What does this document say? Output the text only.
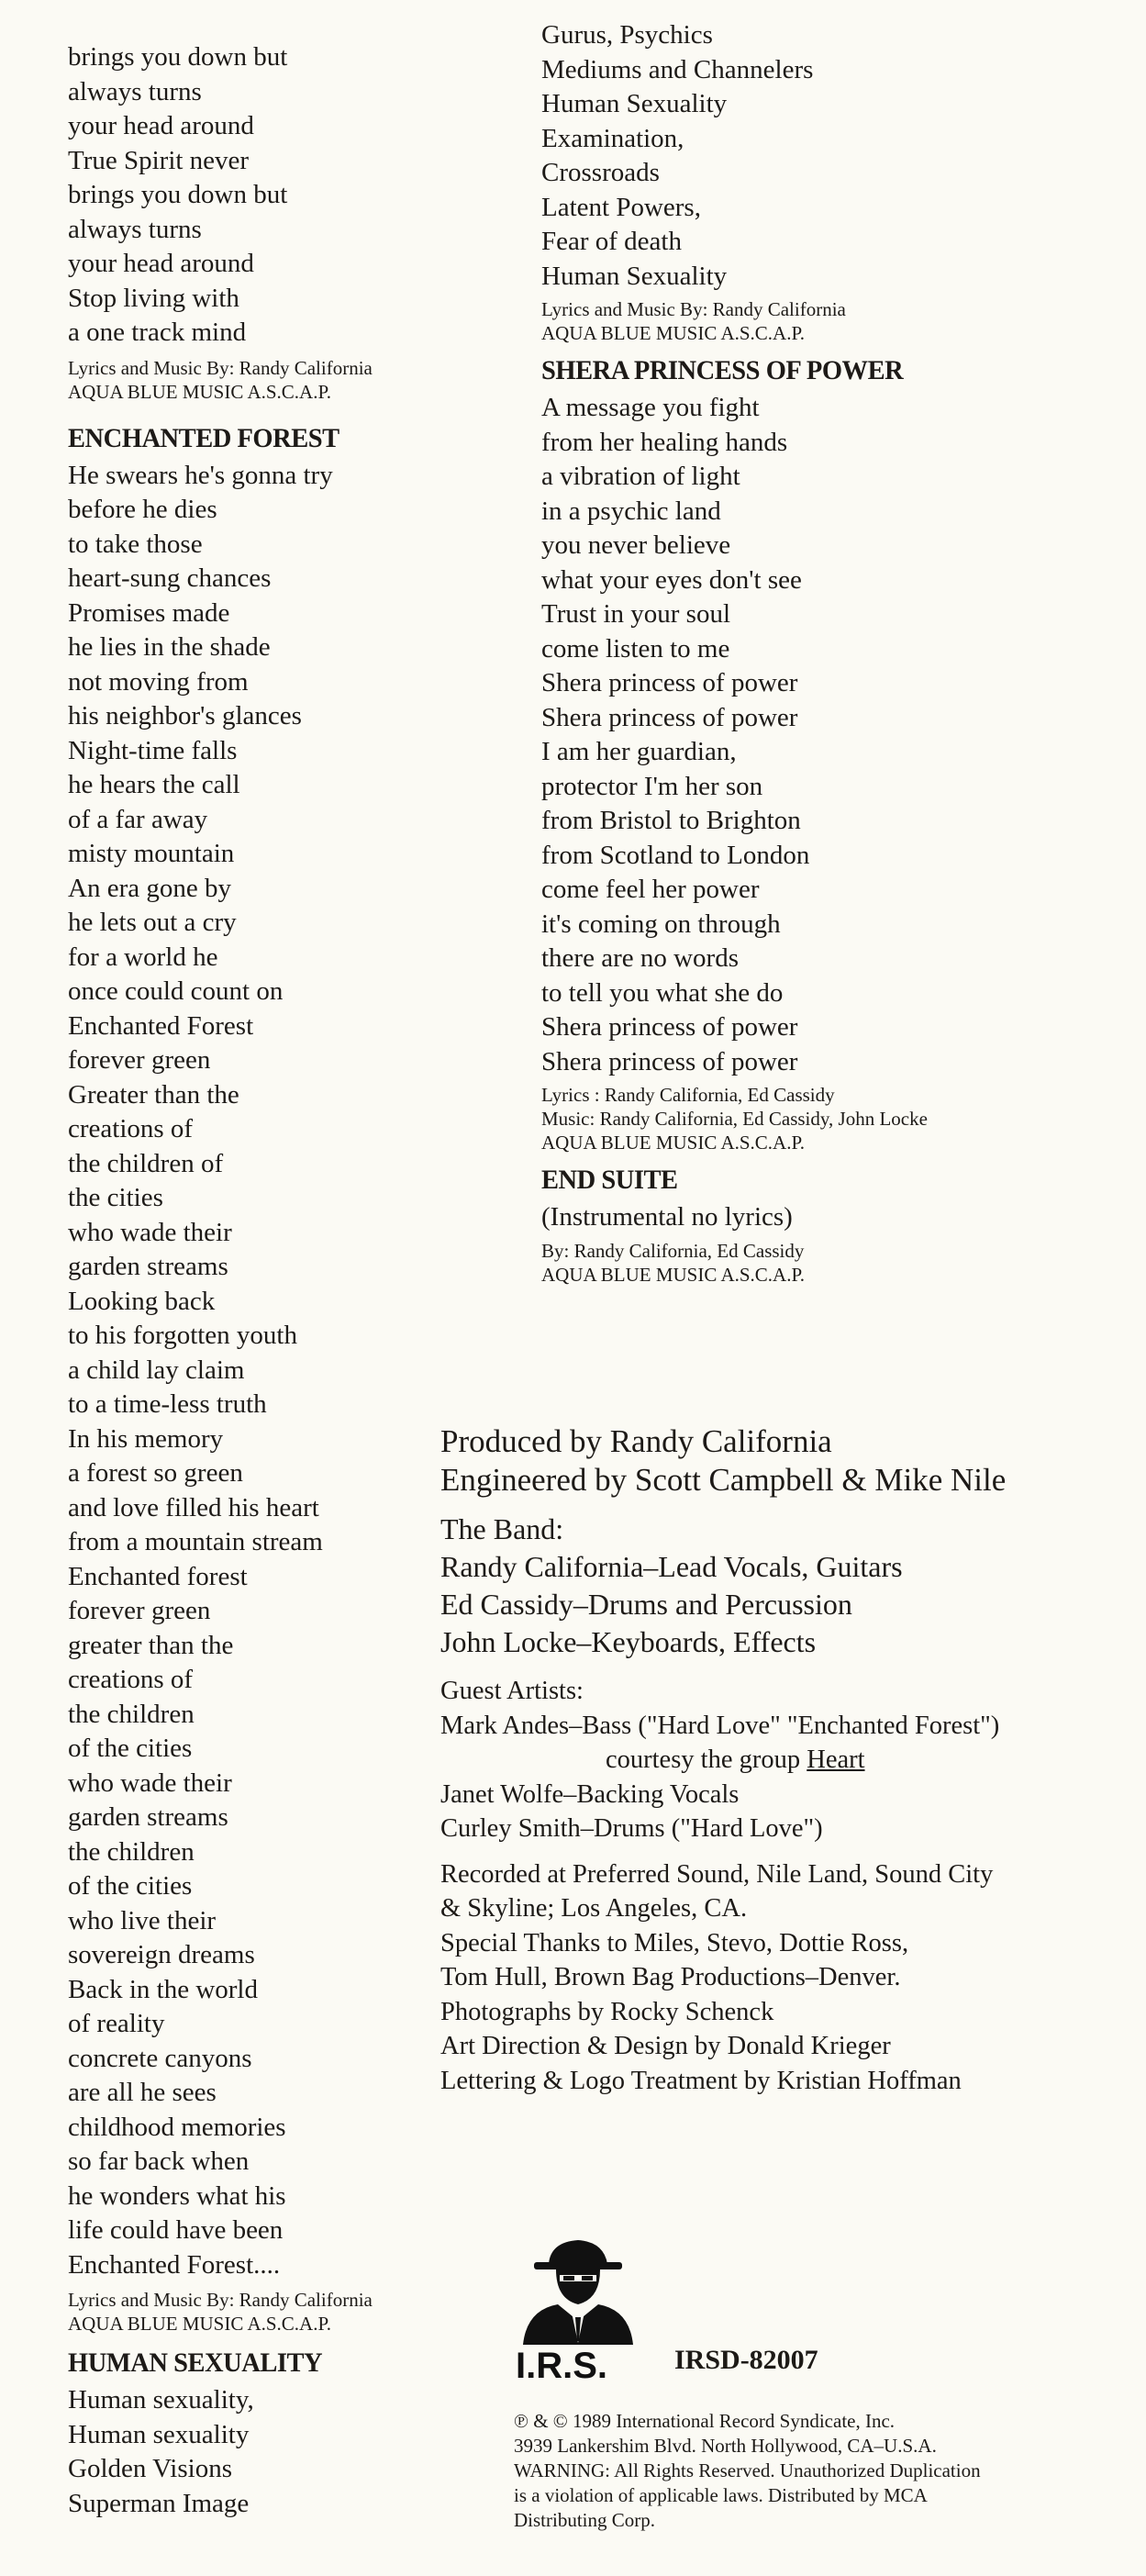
brings you down but
always turns
your head around
True Spirit never
brings you down but
always turns
your head around
Stop living with
a one track mind
Lyrics and Music By: Randy California
AQUA BLUE MUSIC A.S.C.A.P.
ENCHANTED FOREST
He swears he's gonna try
before he dies
to take those
heart-sung chances
Promises made
he lies in the shade
not moving from
his neighbor's glances
Night-time falls
he hears the call
of a far away
misty mountain
An era gone by
he lets out a cry
for a world he
once could count on
Enchanted Forest
forever green
Greater than the
creations of
the children of
the cities
who wade their
garden streams
Looking back
to his forgotten youth
a child lay claim
to a time-less truth
In his memory
a forest so green
and love filled his heart
from a mountain stream
Enchanted forest
forever green
greater than the
creations of
the children
of the cities
who wade their
garden streams
the children
of the cities
who live their
sovereign dreams
Back in the world
of reality
concrete canyons
are all he sees
childhood memories
so far back when
he wonders what his
life could have been
Enchanted Forest....
Lyrics and Music By: Randy California
AQUA BLUE MUSIC A.S.C.A.P.
HUMAN SEXUALITY
Human sexuality,
Human sexuality
Golden Visions
Superman Image
Gurus, Psychics
Mediums and Channelers
Human Sexuality
Examination,
Crossroads
Latent Powers,
Fear of death
Human Sexuality
Lyrics and Music By: Randy California
AQUA BLUE MUSIC A.S.C.A.P.
SHERA PRINCESS OF POWER
A message you fight
from her healing hands
a vibration of light
in a psychic land
you never believe
what your eyes don't see
Trust in your soul
come listen to me
Shera princess of power
Shera princess of power
I am her guardian,
protector I'm her son
from Bristol to Brighton
from Scotland to London
come feel her power
it's coming on through
there are no words
to tell you what she do
Shera princess of power
Shera princess of power
Lyrics : Randy California, Ed Cassidy
Music: Randy California, Ed Cassidy, John Locke
AQUA BLUE MUSIC A.S.C.A.P.
END SUITE
(Instrumental no lyrics)
By: Randy California, Ed Cassidy
AQUA BLUE MUSIC A.S.C.A.P.
Produced by Randy California
Engineered by Scott Campbell & Mike Nile
The Band:
Randy California–Lead Vocals, Guitars
Ed Cassidy–Drums and Percussion
John Locke–Keyboards, Effects
Guest Artists:
Mark Andes–Bass ("Hard Love" "Enchanted Forest")
courtesy the group Heart
Janet Wolfe–Backing Vocals
Curley Smith–Drums ("Hard Love")
Recorded at Preferred Sound, Nile Land, Sound City
& Skyline; Los Angeles, CA.
Special Thanks to Miles, Stevo, Dottie Ross,
Tom Hull, Brown Bag Productions–Denver.
Photographs by Rocky Schenck
Art Direction & Design by Donald Krieger
Lettering & Logo Treatment by Kristian Hoffman
I.R.S. IRSD-82007
℗ & © 1989 International Record Syndicate, Inc.
3939 Lankershim Blvd. North Hollywood, CA–U.S.A.
WARNING: All Rights Reserved. Unauthorized Duplication
is a violation of applicable laws. Distributed by MCA
Distributing Corp.
